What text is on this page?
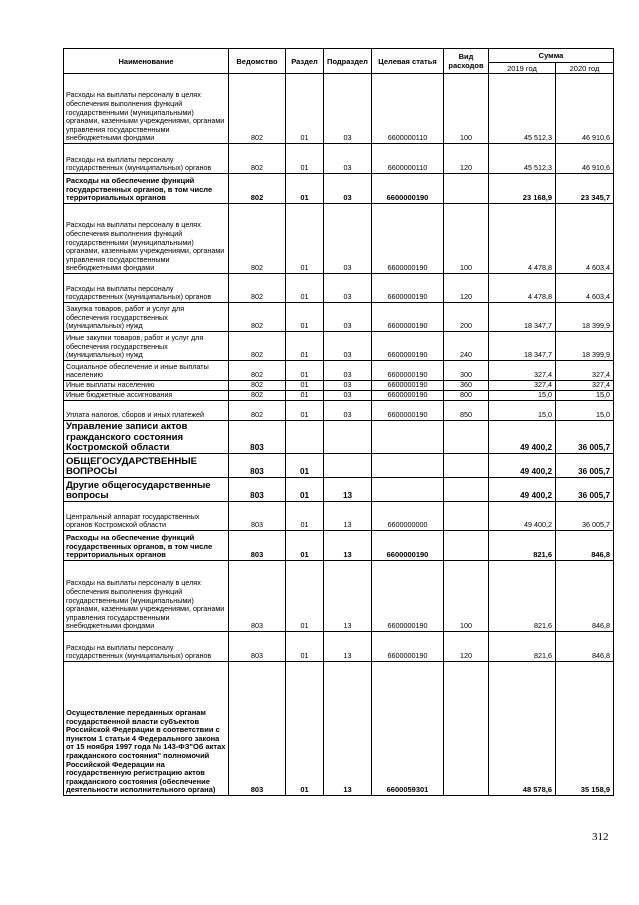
Наименование	Ведомство	Раздел	Подраздел	Целевая статья	Вид расходов	Сумма	
						2019 год	2020 год
Расходы на выплаты персоналу в целях обеспечения выполнения функций государственными (муниципальными) органами, казенными учреждениями, органами управления государственными внебюджетными фондами	802	01	03	6600000110	100	45 512,3	46 910,6
Расходы на выплаты персоналу государственных (муниципальных) органов	802	01	03	6600000110	120	45 512,3	46 910,6
Расходы на обеспечение функций государственных органов, в том числе территориальных органов	802	01	03	6600000190		23 168,9	23 345,7
Расходы на выплаты персоналу в целях обеспечения выполнения функций государственными (муниципальными) органами, казенными учреждениями, органами управления государственными внебюджетными фондами	802	01	03	6600000190	100	4 478,8	4 603,4
Расходы на выплаты персоналу государственных (муниципальных) органов	802	01	03	6600000190	120	4 478,8	4 603,4
Закупка товаров, работ и услуг для обеспечения государственных (муниципальных) нужд	802	01	03	6600000190	200	18 347,7	18 399,9
Иные закупки товаров, работ и услуг для обеспечения государственных (муниципальных) нужд	802	01	03	6600000190	240	18 347,7	18 399,9
Социальное обеспечение и иные выплаты населению	802	01	03	6600000190	300	327,4	327,4
Иные выплаты населению	802	01	03	6600000190	360	327,4	327,4
Иные бюджетные ассигнования	802	01	03	6600000190	800	15,0	15,0
Уплата налогов, сборов и иных платежей	802	01	03	6600000190	850	15,0	15,0
Управление записи актов гражданского состояния Костромской области	803					49 400,2	36 005,7
ОБЩЕГОСУДАРСТВЕННЫЕ ВОПРОСЫ	803	01				49 400,2	36 005,7
Другие общегосударственные вопросы	803	01	13			49 400,2	36 005,7
Центральный аппарат государственных органов Костромской области	803	01	13	6600000000		49 400,2	36 005,7
Расходы на обеспечение функций государственных органов, в том числе территориальных органов	803	01	13	6600000190		821,6	846,8
Расходы на выплаты персоналу в целях обеспечения выполнения функций государственными (муниципальными) органами, казенными учреждениями, органами управления государственными внебюджетными фондами	803	01	13	6600000190	100	821,6	846,8
Расходы на выплаты персоналу государственных (муниципальных) органов	803	01	13	6600000190	120	821,6	846,8
Осуществление переданных органам государственной власти субъектов Российской Федерации в соответствии с пунктом 1 статьи 4 Федерального закона от 15 ноября 1997 года № 143-ФЗ"Об актах гражданского состояния" полномочий Российской Федерации на государственную регистрацию актов гражданского состояния (обеспечение деятельности исполнительного органа)	803	01	13	6600059301		48 578,6	35 158,9
312
